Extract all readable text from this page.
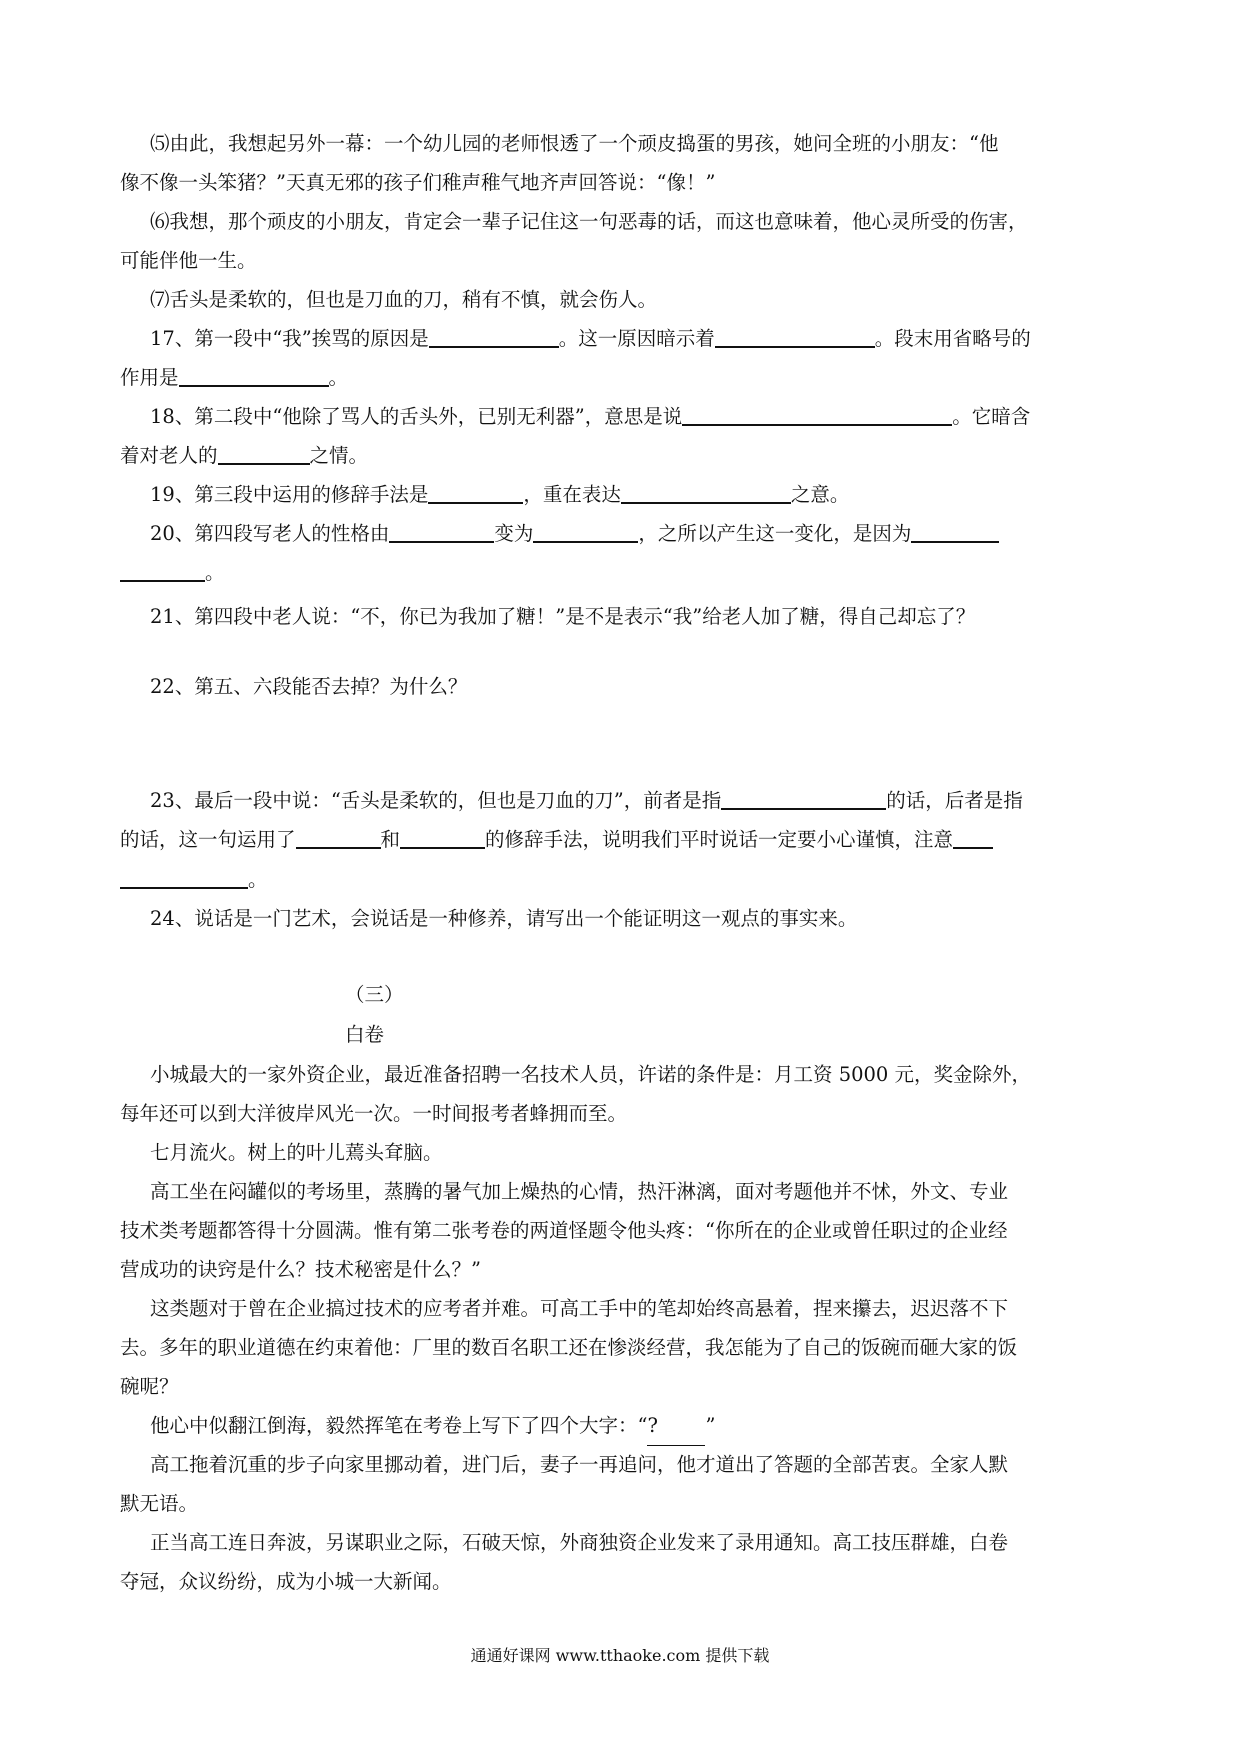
⑸由此，我想起另外一幕：一个幼儿园的老师恨透了一个顽皮捣蛋的男孩，她问全班的小朋友：“他
像不像一头笨猪？”天真无邪的孩子们稚声稚气地齐声回答说：“像！”
⑹我想，那个顽皮的小朋友，肯定会一辈子记住这一句恶毒的话，而这也意味着，他心灵所受的伤害，
可能伴他一生。
⑺舌头是柔软的，但也是刀血的刀，稍有不慎，就会伤人。
17、第一段中“我”挨骂的原因是	。这一原因暗示着	。段末用省略号的
作用是	。
18、第二段中“他除了骂人的舌头外，已别无利器”，意思是说	。它暗含
着对老人的	之情。
19、第三段中运用的修辞手法是	，重在表达	之意。
20、第四段写老人的性格由	变为	，之所以产生这一变化，是因为
。
21、第四段中老人说：“不，你已为我加了糖！”是不是表示“我”给老人加了糖，得自己却忘了？
22、第五、六段能否去掉？为什么？
23、最后一段中说：“舌头是柔软的，但也是刀血的刀”，前者是指	的话，后者是指
的话，这一句运用了	和	的修辞手法，说明我们平时说话一定要小心谨慎，注意
。
24、说话是一门艺术，会说话是一种修养，请写出一个能证明这一观点的事实来。
（三）
白卷
小城最大的一家外资企业，最近准备招聘一名技术人员，许诺的条件是：月工资 5000 元，奖金除外，
每年还可以到大洋彼岸风光一次。一时间报考者蜂拥而至。
七月流火。树上的叶儿蔫头耷脑。
高工坐在闷罐似的考场里，蒸腾的暑气加上燥热的心情，热汗淋漓，面对考题他并不怵，外文、专业
技术类考题都答得十分圆满。惟有第二张考卷的两道怪题令他头疼：“你所在的企业或曾任职过的企业经
营成功的诀窍是什么？技术秘密是什么？”
这类题对于曾在企业搞过技术的应考者并难。可高工手中的笔却始终高悬着，捏来攥去，迟迟落不下
去。多年的职业道德在约束着他：厂里的数百名职工还在惨淡经营，我怎能为了自己的饭碗而砸大家的饭
碗呢？
他心中似翻江倒海，毅然挥笔在考卷上写下了四个大字：“? ”
高工拖着沉重的步子向家里挪动着，进门后，妻子一再追问，他才道出了答题的全部苦衷。全家人默
默无语。
正当高工连日奔波，另谋职业之际，石破天惊，外商独资企业发来了录用通知。高工技压群雄，白卷
夺冠，众议纷纷，成为小城一大新闻。
通通好课网 www.tthaoke.com 提供下载
